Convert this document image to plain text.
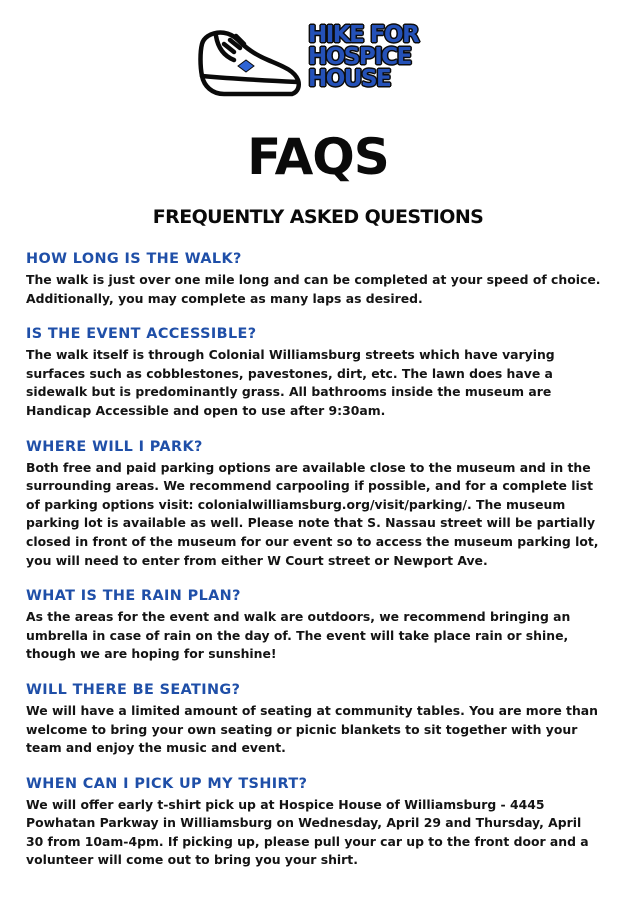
HIKE FOR
HOSPICE
HOUSE
FAQS
FREQUENTLY ASKED QUESTIONS
HOW LONG IS THE WALK?
The walk is just over one mile long and can be completed at your speed of choice.
Additionally, you may complete as many laps as desired.
IS THE EVENT ACCESSIBLE?
The walk itself is through Colonial Williamsburg streets which have varying
surfaces such as cobblestones, pavestones, dirt, etc. The lawn does have a
sidewalk but is predominantly grass. All bathrooms inside the museum are
Handicap Accessible and open to use after 9:30am.
WHERE WILL I PARK?
Both free and paid parking options are available close to the museum and in the
surrounding areas. We recommend carpooling if possible, and for a complete list
of parking options visit: colonialwilliamsburg.org/visit/parking/. The museum
parking lot is available as well. Please note that S. Nassau street will be partially
closed in front of the museum for our event so to access the museum parking lot,
you will need to enter from either W Court street or Newport Ave.
WHAT IS THE RAIN PLAN?
As the areas for the event and walk are outdoors, we recommend bringing an
umbrella in case of rain on the day of. The event will take place rain or shine,
though we are hoping for sunshine!
WILL THERE BE SEATING?
We will have a limited amount of seating at community tables. You are more than
welcome to bring your own seating or picnic blankets to sit together with your
team and enjoy the music and event.
WHEN CAN I PICK UP MY TSHIRT?
We will offer early t-shirt pick up at Hospice House of Williamsburg - 4445
Powhatan Parkway in Williamsburg on Wednesday, April 29 and Thursday, April
30 from 10am-4pm. If picking up, please pull your car up to the front door and a
volunteer will come out to bring you your shirt.
